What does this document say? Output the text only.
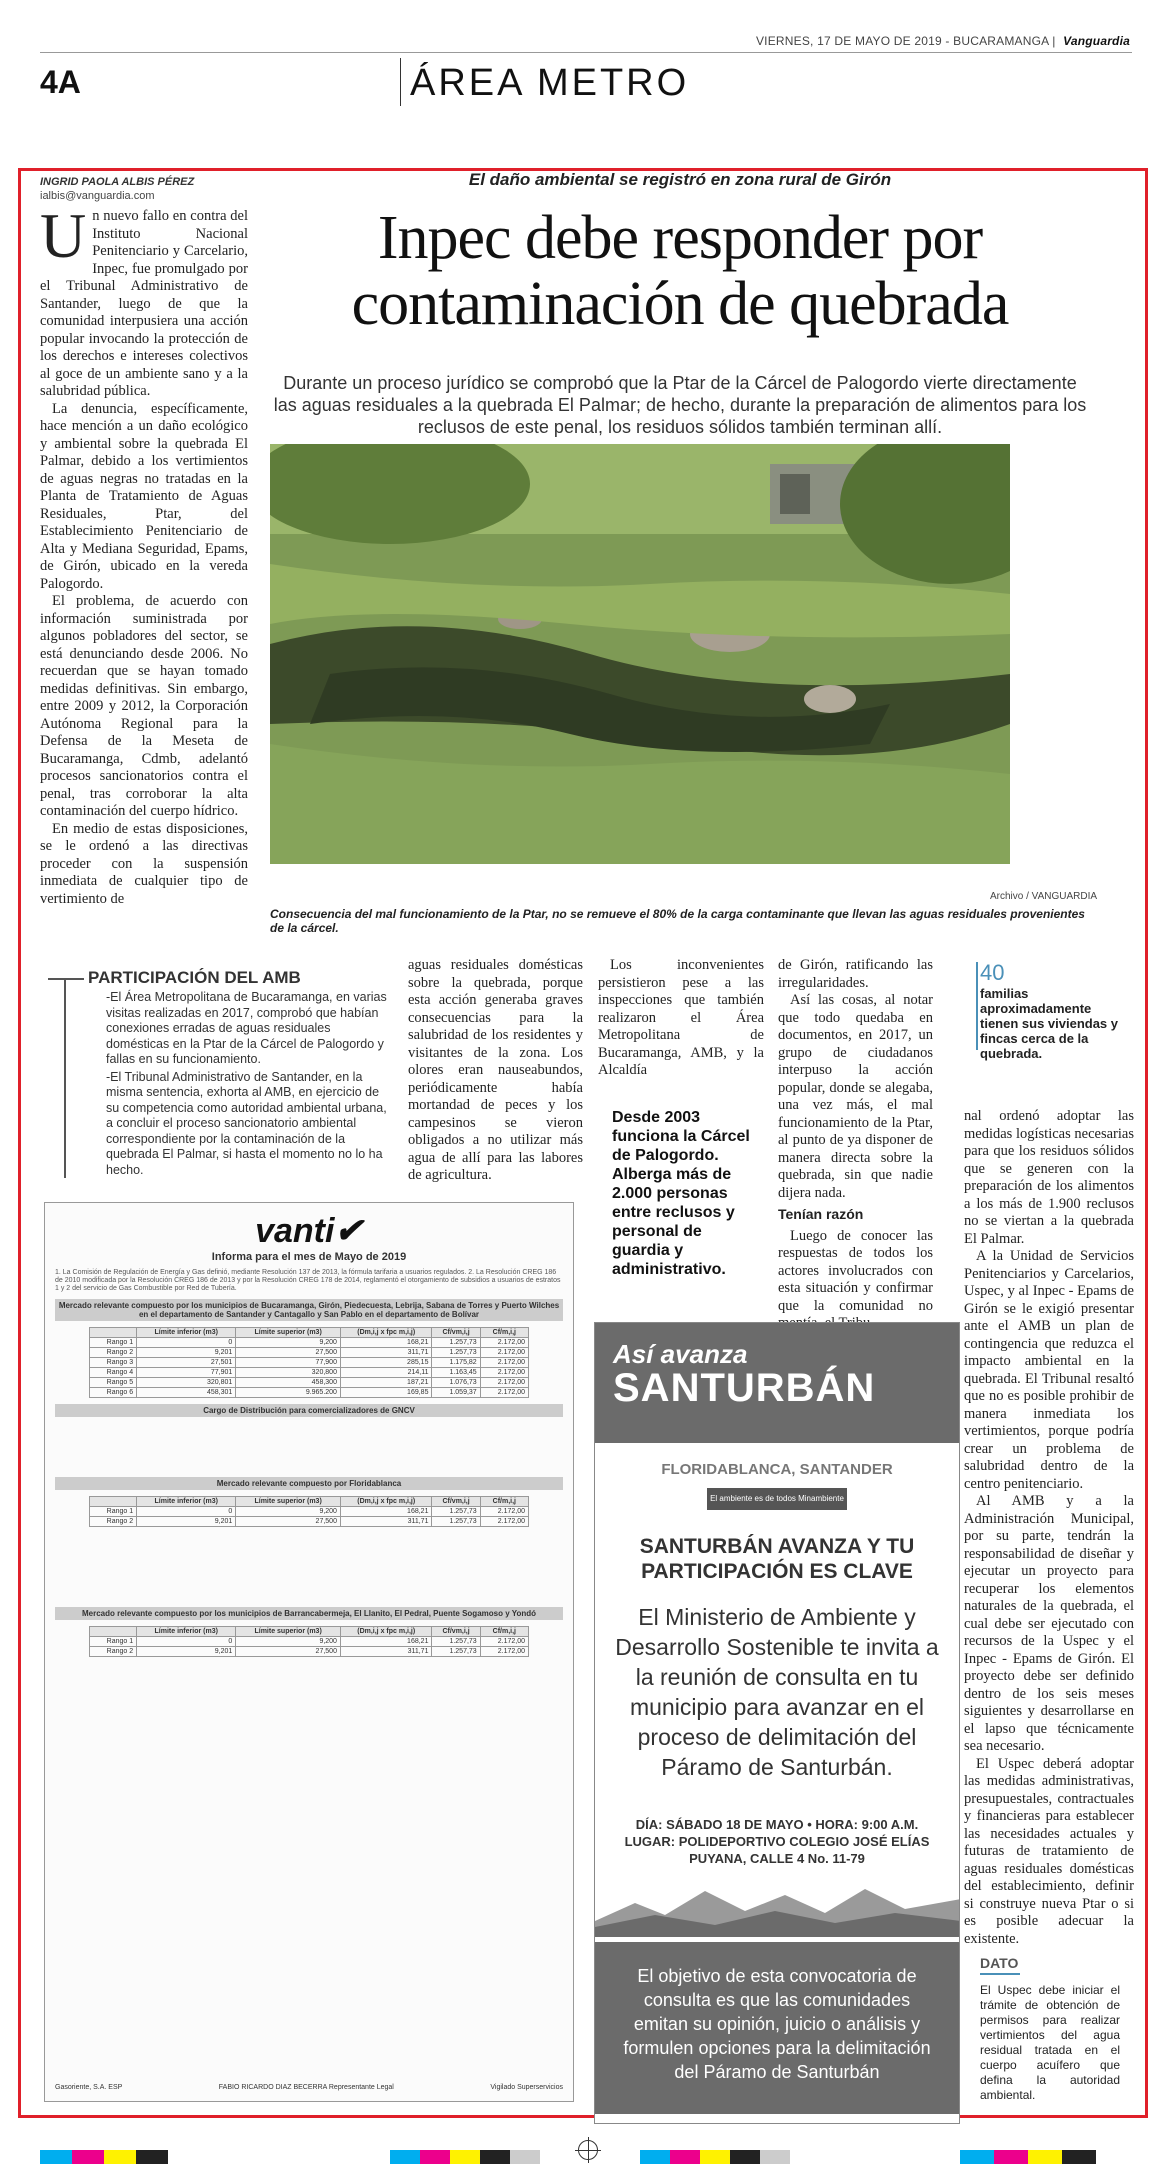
VIERNES, 17 DE MAYO DE 2019 - BUCARAMANGA | Vanguardia
4A	ÁREA METRO
INGRID PAOLA ALBIS PÉREZ
ialbis@vanguardia.com
El daño ambiental se registró en zona rural de Girón
Inpec debe responder por
contaminación de quebrada
Durante un proceso jurídico se comprobó que la Ptar de la Cárcel de Palogordo vierte directamente las aguas residuales a la quebrada El Palmar; de hecho, durante la preparación de alimentos para los reclusos de este penal, los residuos sólidos también terminan allí.
Archivo / VANGUARDIA
Consecuencia del mal funcionamiento de la Ptar, no se remueve el 80% de la carga contaminante que llevan las aguas residuales provenientes de la cárcel.

Un nuevo fallo en contra del Instituto Nacional Penitenciario y Carcelario, Inpec, fue promulgado por el Tribunal Administrativo de Santander, luego de que la comunidad interpusiera una acción popular invocando la protección de los derechos e intereses colectivos al goce de un ambiente sano y a la salubridad pública.

La denuncia, específicamente, hace mención a un daño ecológico y ambiental sobre la quebrada El Palmar, debido a los vertimientos de aguas negras no tratadas en la Planta de Tratamiento de Aguas Residuales, Ptar, del Establecimiento Penitenciario de Alta y Mediana Seguridad, Epams, de Girón, ubicado en la vereda Palogordo.

El problema, de acuerdo con información suministrada por algunos pobladores del sector, se está denunciando desde 2006. No recuerdan que se hayan tomado medidas definitivas. Sin embargo, entre 2009 y 2012, la Corporación Autónoma Regional para la Defensa de la Meseta de Bucaramanga, Cdmb, adelantó procesos sancionatorios contra el penal, tras corroborar la alta contaminación del cuerpo hídrico.

En medio de estas disposiciones, se le ordenó a las directivas proceder con la suspensión inmediata de cualquier tipo de vertimiento de

PARTICIPACIÓN DEL AMB

-El Área Metropolitana de Bucaramanga, en varias visitas realizadas en 2017, comprobó que habían conexiones erradas de aguas residuales domésticas en la Ptar de la Cárcel de Palogordo y fallas en su funcionamiento.

-El Tribunal Administrativo de Santander, en la misma sentencia, exhorta al AMB, en ejercicio de su competencia como autoridad ambiental urbana, a concluir el proceso sancionatorio ambiental correspondiente por la contaminación de la quebrada El Palmar, si hasta el momento no lo ha hecho.

aguas residuales domésticas sobre la quebrada, porque esta acción generaba graves consecuencias para la salubridad de los residentes y visitantes de la zona. Los olores eran nauseabundos, periódicamente había mortandad de peces y los campesinos se vieron obligados a no utilizar más agua de allí para las labores de agricultura.

Los inconvenientes persistieron pese a las inspecciones que también realizaron el Área Metropolitana de Bucaramanga, AMB, y la Alcaldía

Desde 2003 funciona la Cárcel de Palogordo. Alberga más de 2.000 personas entre reclusos y personal de guardia y administrativo.

de Girón, ratificando las irregularidades.

Así las cosas, al notar que todo quedaba en documentos, en 2017, un grupo de ciudadanos interpuso la acción popular, donde se alegaba, una vez más, el mal funcionamiento de la Ptar, al punto de ya disponer de manera directa sobre la quebrada, sin que nadie dijera nada.

Tenían razón

Luego de conocer las respuestas de todos los actores involucrados con esta situación y confirmar que la comunidad no

40
familias aproximadamente tienen sus viviendas y fincas cerca de la quebrada.

nal ordenó adoptar las medidas logísticas necesarias para que los residuos sólidos que se generen con la preparación de los alimentos a los más de 1.900 reclusos no se viertan a la quebrada El Palmar.

A la Unidad de Servicios Penitenciarios y Carcelarios, Uspec, y al Inpec - Epams de Girón se le exigió presentar ante el AMB un plan de contingencia que reduzca el impacto ambiental en la quebrada. El Tribunal resaltó que no es posible prohibir de manera inmediata los vertimientos, porque podría crear un problema de salubridad dentro de la centro penitenciario.

Al AMB y a la Administración Municipal, por su parte, tendrán la responsabilidad de diseñar y ejecutar un proyecto para recuperar los elementos naturales de la quebrada, el cual debe ser ejecutado con recursos de la Uspec y el Inpec - Epams de Girón. El proyecto debe ser definido dentro de los seis meses siguientes y desarrollarse en el lapso que técnicamente sea necesario.

El Uspec deberá adoptar las medidas administrativas, presupuestales, contractuales y financieras para establecer las necesidades actuales y futuras de tratamiento de aguas residuales domésticas del establecimiento, definir si construye nueva Ptar o si es posible adecuar la existente.

DATO
El Uspec debe iniciar el trámite de obtención de permisos para realizar vertimientos del agua residual tratada en el cuerpo acuífero que defina la autoridad ambiental.
vanti✔
Informa para el mes de Mayo de 2019
1. La Comisión de Regulación de Energía y Gas definió, mediante Resolución 137 de 2013, la fórmula tarifaria a usuarios regulados. 2. La Resolución CREG 186 de 2010 modificada por la Resolución CREG 186 de 2013 y por la Resolución CREG 178 de 2014, reglamentó el otorgamiento de subsidios a usuarios de estratos 1 y 2 del servicio de Gas Combustible por Red de Tubería.
Mercado relevante compuesto por los municipios de Bucaramanga, Girón, Piedecuesta, Lebrija, Sabana de Torres y Puerto Wilches en el departamento de Santander y Cantagallo y San Pablo en el departamento de Bolívar
	Límite inferior (m3)	Límite superior (m3)	(Dm,i,j x fpc m,i,j)	Cf/vm,i,j	Cf/m,i,j
Rango 1	0	9,200	168,21	1.257,73	2.172,00
Rango 2	9,201	27,500	311,71	1.257,73	2.172,00
Rango 3	27,501	77,900	285,15	1.175,82	2.172,00
Rango 4	77,901	320,800	214,11	1.163,45	2.172,00
Rango 5	320,801	458,300	187,21	1.076,73	2.172,00
Rango 6	458,301	9.965.200	169,85	1.059,37	2.172,00
Cargo de Distribución para comercializadores de GNCV
Mercado relevante compuesto por Floridablanca
	Límite inferior (m3)	Límite superior (m3)	(Dm,i,j x fpc m,i,j)	Cf/vm,i,j	Cf/m,i,j
Rango 1	0	9,200	168,21	1.257,73	2.172,00
Rango 2	9,201	27,500	311,71	1.257,73	2.172,00
Mercado relevante compuesto por los municipios de Barrancabermeja, El Llanito, El Pedral, Puente Sogamoso y Yondó
	Límite inferior (m3)	Límite superior (m3)	(Dm,i,j x fpc m,i,j)	Cf/vm,i,j	Cf/m,i,j
Rango 1	0	9,200	168,21	1.257,73	2.172,00
Rango 2	9,201	27,500	311,71	1.257,73	2.172,00
Gasoriente, S.A. ESP	FABIO RICARDO DIAZ BECERRA Representante Legal	Vigilado Superservicios
Así avanza
SANTURBÁN
FLORIDABLANCA, SANTANDER
El ambiente es de todos Minambiente
SANTURBÁN AVANZA Y TU PARTICIPACIÓN ES CLAVE
El Ministerio de Ambiente y Desarrollo Sostenible te invita a la reunión de consulta en tu municipio para avanzar en el proceso de delimitación del Páramo de Santurbán.
DÍA: SÁBADO 18 DE MAYO • HORA: 9:00 A.M.
LUGAR: POLIDEPORTIVO COLEGIO JOSÉ ELÍAS PUYANA, CALLE 4 No. 11-79
El objetivo de esta convocatoria de consulta es que las comunidades emitan su opinión, juicio o análisis y formulen opciones para la delimitación del Páramo de Santurbán
